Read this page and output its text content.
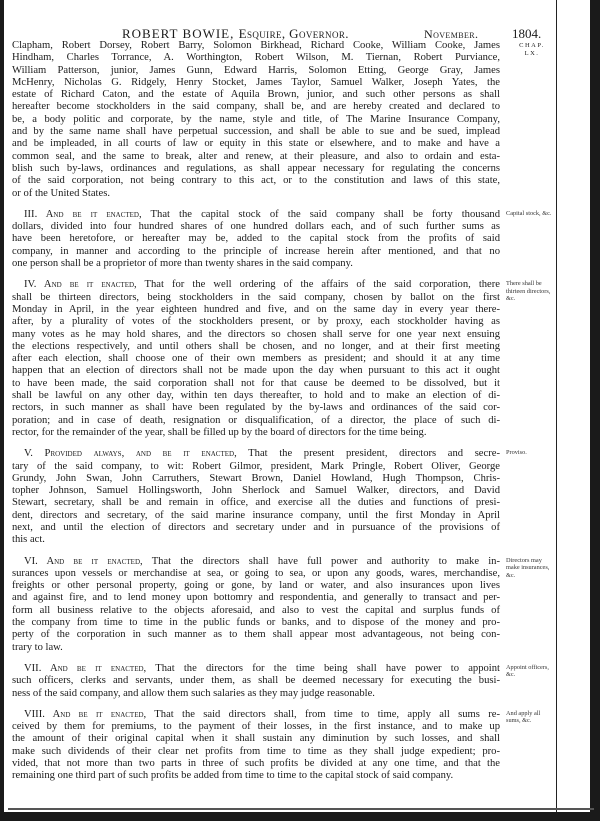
ROBERT BOWIE, Esquire, Governor.	November.	1804.
CHAP.
LX.
Clapham, Robert Dorsey, Robert Barry, Solomon Birkhead, Richard Cooke, William Cooke, James
Hindham, Charles Torrance, A. Worthington, Robert Wilson, M. Tiernan, Robert Purviance,
William Patterson, junior, James Gunn, Edward Harris, Solomon Etting, George Gray, James
McHenry, Nicholas G. Ridgely, Henry Stocket, James Taylor, Samuel Walker, Joseph Yates, the
estate of Richard Caton, and the estate of Aquila Brown, junior, and such other persons as shall
hereafter become stockholders in the said company, shall be, and are hereby created and declared to
be, a body politic and corporate, by the name, style and title, of The Marine Insurance Company,
and by the same name shall have perpetual succession, and shall be able to sue and be sued, implead
and be impleaded, in all courts of law or equity in this state or elsewhere, and to make and have a
common seal, and the same to break, alter and renew, at their pleasure, and also to ordain and esta-
blish such by-laws, ordinances and regulations, as shall appear necessary for regulating the concerns
of the said corporation, not being contrary to this act, or to the constitution and laws of this state,
or of the United States.
III. And be it enacted, That the capital stock of the said company shall be forty thousand
dollars, divided into four hundred shares of one hundred dollars each, and of such further sums as
have been heretofore, or hereafter may be, added to the capital stock from the profits of said
company, in manner and according to the principle of increase herein after mentioned, and that no
one person shall be a proprietor of more than twenty shares in the said company.
Capital stock, &c.
IV. And be it enacted, That for the well ordering of the affairs of the said corporation, there
shall be thirteen directors, being stockholders in the said company, chosen by ballot on the first
Monday in April, in the year eighteen hundred and five, and on the same day in every year there-
after, by a plurality of votes of the stockholders present, or by proxy, each stockholder having as
many votes as he may hold shares, and the directors so chosen shall serve for one year next ensuing
the elections respectively, and until others shall be chosen, and no longer, and at their first meeting
after each election, shall choose one of their own members as president; and should it at any time
happen that an election of directors shall not be made upon the day when pursuant to this act it ought
to have been made, the said corporation shall not for that cause be deemed to be dissolved, but it
shall be lawful on any other day, within ten days thereafter, to hold and to make an election of di-
rectors, in such manner as shall have been regulated by the by-laws and ordinances of the said cor-
poration; and in case of death, resignation or disqualification, of a director, the place of such di-
rector, for the remainder of the year, shall be filled up by the board of directors for the time being.
There shall be thirteen directors, &c.
V. Provided always, and be it enacted, That the present president, directors and secre-
tary of the said company, to wit: Robert Gilmor, president, Mark Pringle, Robert Oliver, George
Grundy, John Swan, John Carruthers, Stewart Brown, Daniel Howland, Hugh Thompson, Chris-
topher Johnson, Samuel Hollingsworth, John Sherlock and Samuel Walker, directors, and David
Stewart, secretary, shall be and remain in office, and exercise all the duties and functions of presi-
dent, directors and secretary, of the said marine insurance company, until the first Monday in April
next, and until the election of directors and secretary under and in pursuance of the provisions of
this act.
Proviso.
VI. And be it enacted, That the directors shall have full power and authority to make in-
surances upon vessels or merchandise at sea, or going to sea, or upon any goods, wares, merchandise,
freights or other personal property, going or gone, by land or water, and also insurances upon lives
and against fire, and to lend money upon bottomry and respondentia, and generally to transact and per-
form all business relative to the objects aforesaid, and also to vest the capital and surplus funds of
the company from time to time in the public funds or banks, and to dispose of the money and pro-
perty of the corporation in such manner as to them shall appear most advantageous, not being con-
trary to law.
Directors may make insurances, &c.
VII. And be it enacted, That the directors for the time being shall have power to appoint
such officers, clerks and servants, under them, as shall be deemed necessary for executing the busi-
ness of the said company, and allow them such salaries as they may judge reasonable.
Appoint officers, &c.
VIII. And be it enacted, That the said directors shall, from time to time, apply all sums re-
ceived by them for premiums, to the payment of their losses, in the first instance, and to make up
the amount of their original capital when it shall sustain any diminution by such losses, and shall
make such dividends of their clear net profits from time to time as they shall judge expedient; pro-
vided, that not more than two parts in three of such profits be divided at any one time, and that the
remaining one third part of such profits be added from time to time to the capital stock of said company.
And apply all sums, &c.
